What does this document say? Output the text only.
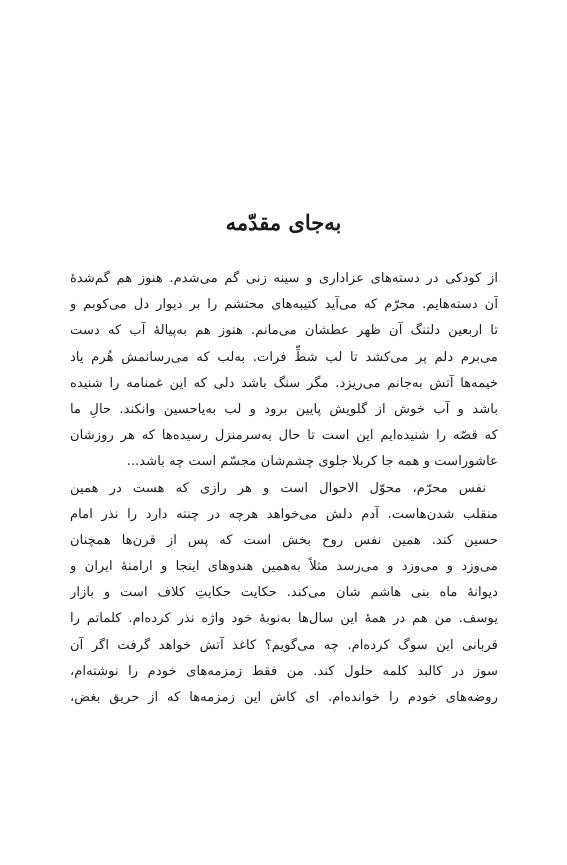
به‌جای مقدّمه
از کودکی در دسته‌های عزاداری و سینه زنی گم می‌شدم. هنوز هم گم‌شدهٔ
آن دسته‌هایم. محرّم که می‌آید کتیبه‌های محتشم را بر دیوار دل می‌کوبم و
تا اربعین دلتنگ آن ظهر عطشان می‌مانم. هنوز هم به‌پیالهٔ آب که دست
می‌برم دلم پر می‌کشد تا لب شطِّ فرات. به‌لب که می‌رسانمش هُرم یاد
خیمه‌ها آتش به‌جانم می‌ریزد. مگر سنگ باشد دلی که این غمنامه را شنیده
باشد و آب خوش از گلویش پایین برود و لب به‌یاحسین وانکند. حالِ ما
که قصّه را شنیده‌ایم این است تا حال به‌سرمنزل رسیده‌ها که هر روزشان
عاشوراست و همه جا کربلا جلوی چشم‌شان مجسّم است چه باشد...
نفس محرّم، محوّل الاحوال است و هر رازی که هست در همین
منقلب شدن‌هاست. آدم دلش می‌خواهد هرچه در چنته دارد را نذر امام
حسین کند. همین نفس روح بخش است که پس از قرن‌ها همچنان
می‌وزد و می‌وزد و می‌رسد مثلاً به‌همین هندوهای اینجا و ارامنهٔ ایران و
دیوانهٔ ماه بنی هاشم شان می‌کند. حکایت حکایتِ کلاف است و بازار
یوسف. من هم در همهٔ این سال‌ها به‌نوبهٔ خود واژه نذر کرده‌ام. کلماتم را
قربانی این سوگ کرده‌ام. چه می‌گویم؟ کاغذ آتش خواهد گرفت اگر آن
سوز در کالبد کلمه حلول کند. من فقط زمزمه‌های خودم را نوشته‌ام،
روضه‌های خودم را خوانده‌ام. ای کاش این زمزمه‌ها که از حریق بغض،
